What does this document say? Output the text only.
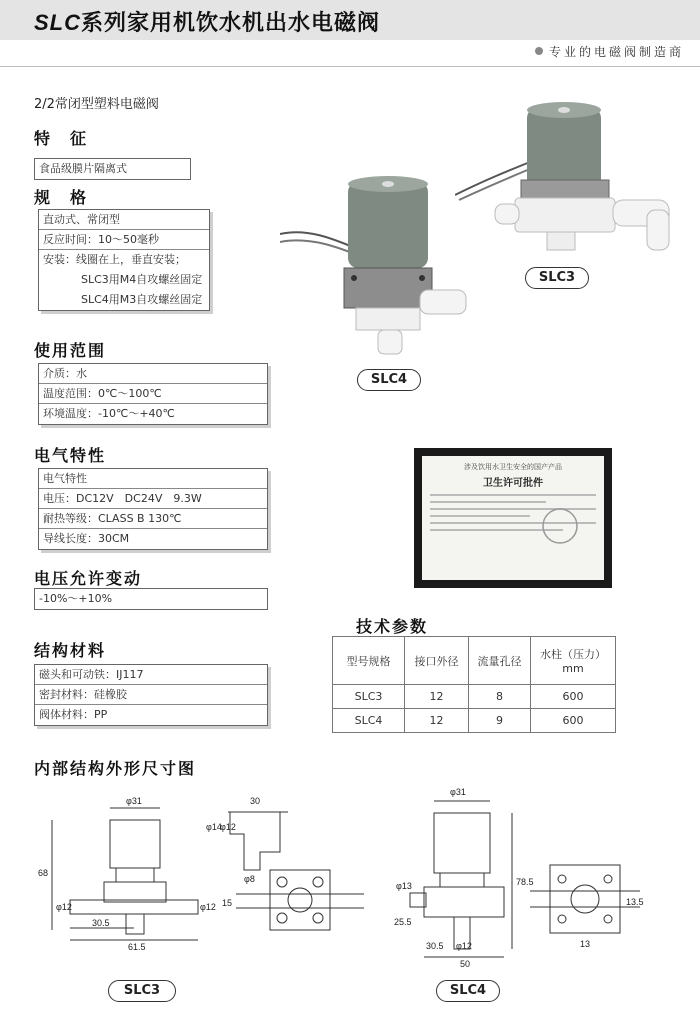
SLC系列家用机饮水机出水电磁阀
专业的电磁阀制造商
2/2常闭型塑料电磁阀
特　征
食品级膜片隔离式
规　格
直动式、常闭型
反应时间：10～50毫秒
安装：线圈在上，垂直安装；
SLC3用M4自攻螺丝固定
SLC4用M3自攻螺丝固定
使用范围
介质：水
温度范围：0℃～100℃
环境温度：-10℃～+40℃
电气特性
电气特性
电压：DC12V　DC24V　9.3W
耐热等级：CLASS B 130℃
导线长度：30CM
电压允许变动
-10%～+10%
结构材料
磁头和可动铁：IJ117
密封材料：硅橡胶
阀体材料：PP
SLC4
SLC3
涉及饮用水卫生安全的国产产品
卫生许可批件
技术参数
型号规格	接口外径	流量孔径	水柱（压力）mm
SLC3	12	8	600
SLC4	12	9	600
内部结构外形尺寸图
φ31
68
φ12	φ12
30.5
61.5
30
φ14
φ12
φ8
15
SLC3
φ31
78.5
φ13
25.5
φ12
30.5
50
13
13.5
SLC4
